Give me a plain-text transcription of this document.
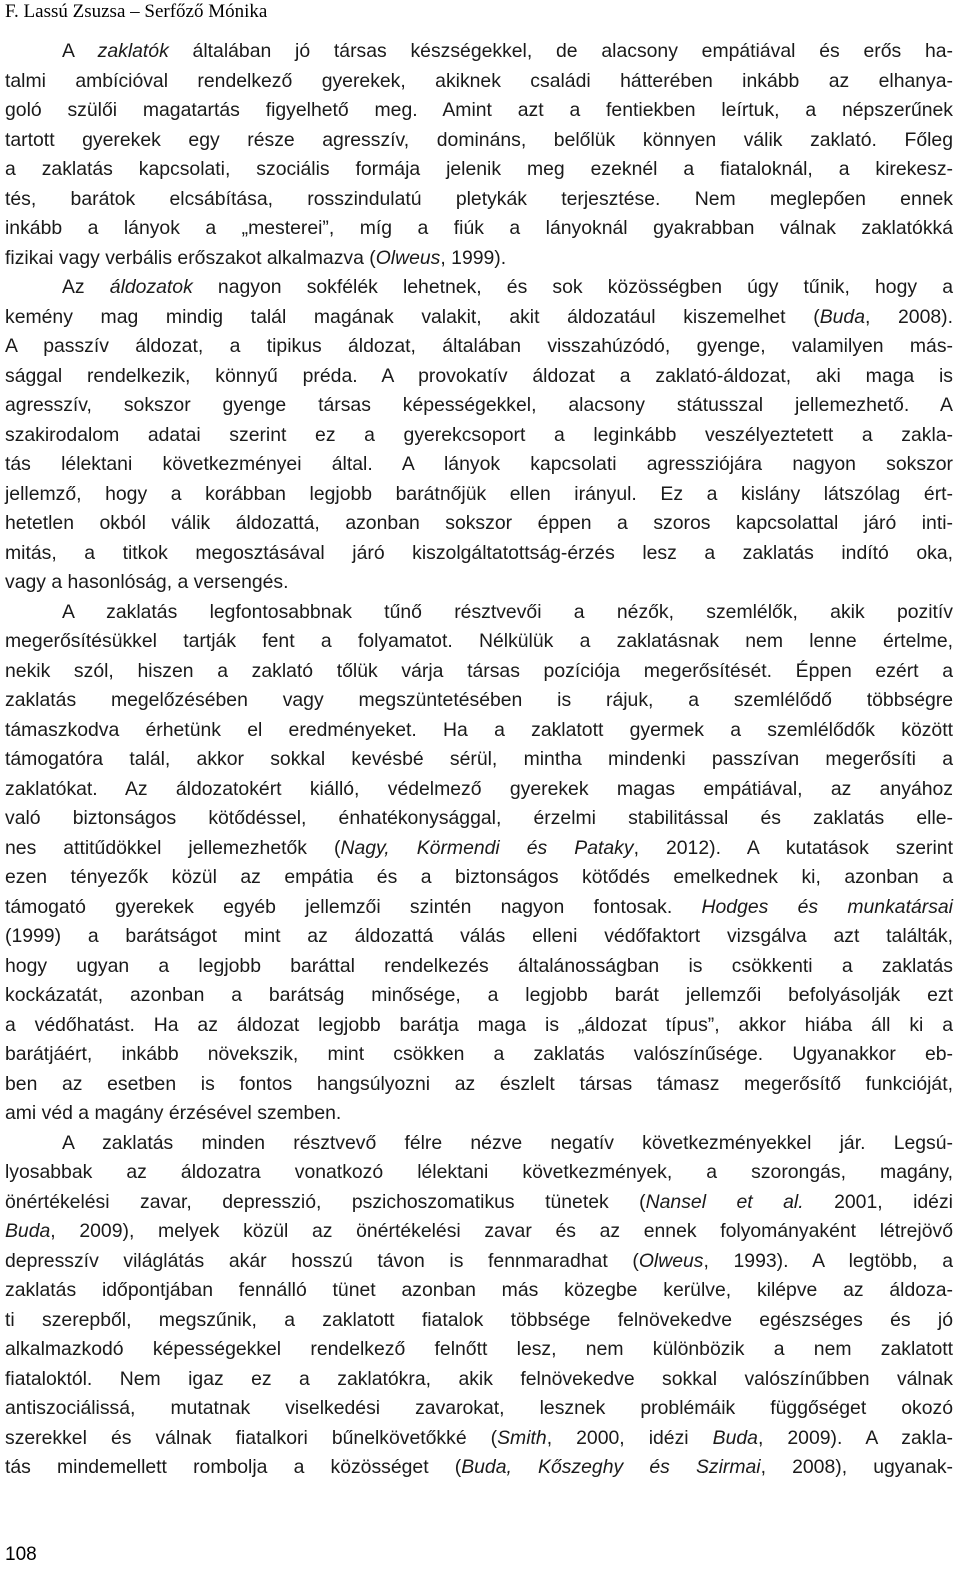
F. Lassú Zsuzsa – Serfőző Mónika
A zaklatók általában jó társas készségekkel, de alacsony empátiával és erős ha-
talmi ambícióval rendelkező gyerekek, akiknek családi hátterében inkább az elhanya-
goló szülői magatartás figyelhető meg. Amint azt a fentiekben leírtuk, a népszerűnek
tartott gyerekek egy része agresszív, domináns, belőlük könnyen válik zaklató. Főleg
a zaklatás kapcsolati, szociális formája jelenik meg ezeknél a fiataloknál, a kirekesz-
tés, barátok elcsábítása, rosszindulatú pletykák terjesztése. Nem meglepően ennek
inkább a lányok a „mesterei”, míg a fiúk a lányoknál gyakrabban válnak zaklatókká
fizikai vagy verbális erőszakot alkalmazva (Olweus, 1999).
Az áldozatok nagyon sokfélék lehetnek, és sok közösségben úgy tűnik, hogy a
kemény mag mindig talál magának valakit, akit áldozatául kiszemelhet (Buda, 2008).
A passzív áldozat, a tipikus áldozat, általában visszahúzódó, gyenge, valamilyen más-
sággal rendelkezik, könnyű préda. A provokatív áldozat a zaklató-áldozat, aki maga is
agresszív, sokszor gyenge társas képességekkel, alacsony státusszal jellemezhető. A
szakirodalom adatai szerint ez a gyerekcsoport a leginkább veszélyeztetett a zakla-
tás lélektani következményei által. A lányok kapcsolati agressziójára nagyon sokszor
jellemző, hogy a korábban legjobb barátnőjük ellen irányul. Ez a kislány látszólag ért-
hetetlen okból válik áldozattá, azonban sokszor éppen a szoros kapcsolattal járó inti-
mitás, a titkok megosztásával járó kiszolgáltatottság-érzés lesz a zaklatás indító oka,
vagy a hasonlóság, a versengés.
A zaklatás legfontosabbnak tűnő résztvevői a nézők, szemlélők, akik pozitív
megerősítésükkel tartják fent a folyamatot. Nélkülük a zaklatásnak nem lenne értelme,
nekik szól, hiszen a zaklató tőlük várja társas pozíciója megerősítését. Éppen ezért a
zaklatás megelőzésében vagy megszüntetésében is rájuk, a szemlélődő többségre
támaszkodva érhetünk el eredményeket. Ha a zaklatott gyermek a szemlélődők között
támogatóra talál, akkor sokkal kevésbé sérül, mintha mindenki passzívan megerősíti a
zaklatókat. Az áldozatokért kiálló, védelmező gyerekek magas empátiával, az anyához
való biztonságos kötődéssel, énhatékonysággal, érzelmi stabilitással és zaklatás elle-
nes attitűdökkel jellemezhetők (Nagy, Körmendi és Pataky, 2012). A kutatások szerint
ezen tényezők közül az empátia és a biztonságos kötődés emelkednek ki, azonban a
támogató gyerekek egyéb jellemzői szintén nagyon fontosak. Hodges és munkatársai
(1999) a barátságot mint az áldozattá válás elleni védőfaktort vizsgálva azt találták,
hogy ugyan a legjobb baráttal rendelkezés általánosságban is csökkenti a zaklatás
kockázatát, azonban a barátság minősége, a legjobb barát jellemzői befolyásolják ezt
a védőhatást. Ha az áldozat legjobb barátja maga is „áldozat típus”, akkor hiába áll ki a
barátjáért, inkább növekszik, mint csökken a zaklatás valószínűsége. Ugyanakkor eb-
ben az esetben is fontos hangsúlyozni az észlelt társas támasz megerősítő funkcióját,
ami véd a magány érzésével szemben.
A zaklatás minden résztvevő félre nézve negatív következményekkel jár. Legsú-
lyosabbak az áldozatra vonatkozó lélektani következmények, a szorongás, magány,
önértékelési zavar, depresszió, pszichoszomatikus tünetek (Nansel et al. 2001, idézi
Buda, 2009), melyek közül az önértékelési zavar és az ennek folyományaként létrejövő
depresszív világlátás akár hosszú távon is fennmaradhat (Olweus, 1993). A legtöbb, a
zaklatás időpontjában fennálló tünet azonban más közegbe kerülve, kilépve az áldoza-
ti szerepből, megszűnik, a zaklatott fiatalok többsége felnövekedve egészséges és jó
alkalmazkodó képességekkel rendelkező felnőtt lesz, nem különbözik a nem zaklatott
fiataloktól. Nem igaz ez a zaklatókra, akik felnövekedve sokkal valószínűbben válnak
antiszociálissá, mutatnak viselkedési zavarokat, lesznek problémáik függőséget okozó
szerekkel és válnak fiatalkori bűnelkövetőkké (Smith, 2000, idézi Buda, 2009). A zakla-
tás mindemellett rombolja a közösséget (Buda, Kőszeghy és Szirmai, 2008), ugyanak-
108
